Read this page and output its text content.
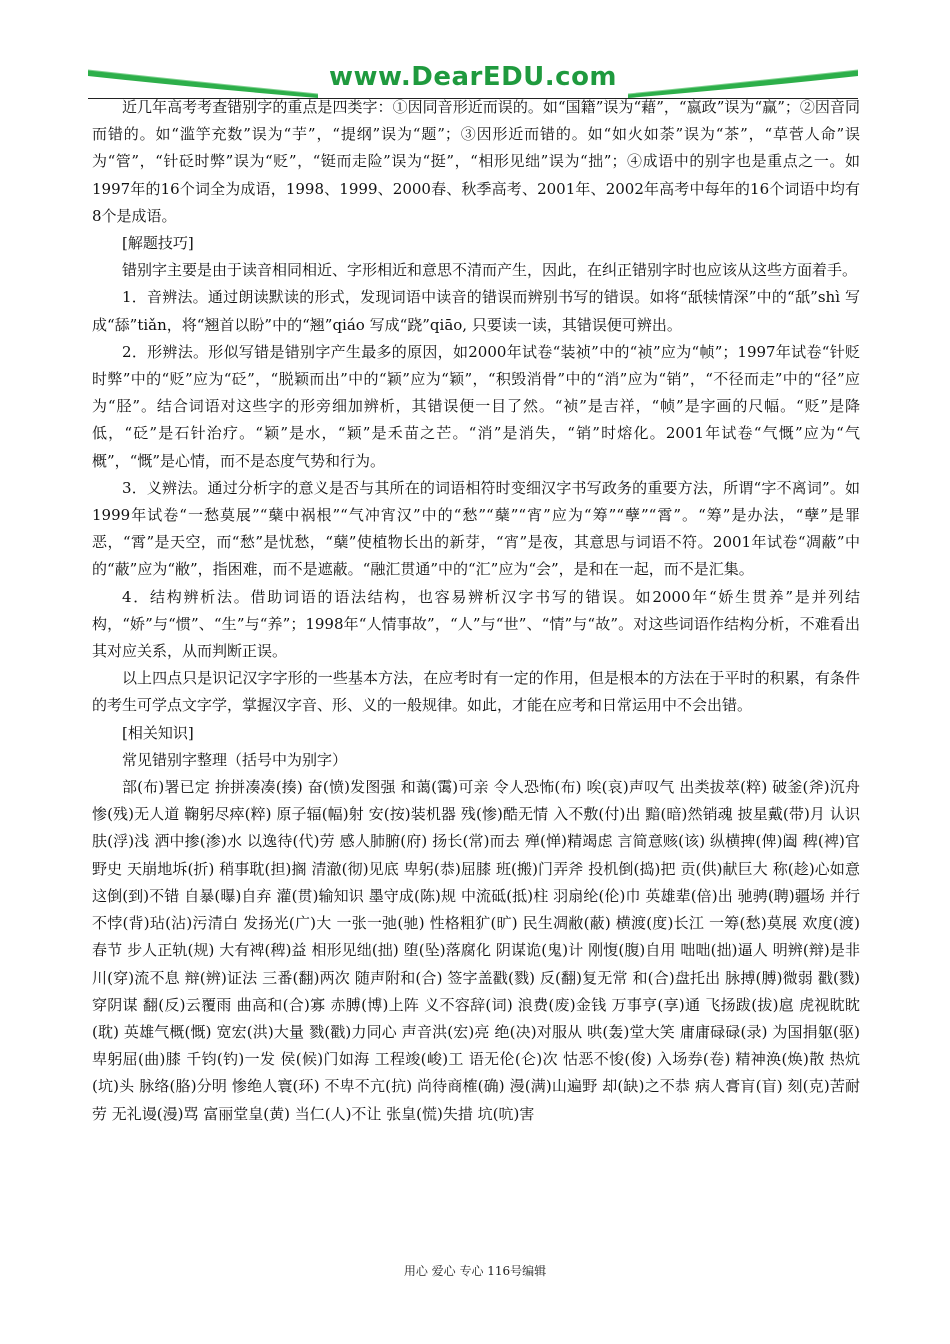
www.DearEDU.com

近几年高考考查错别字的重点是四类字：①因同音形近而误的。如“国籍”误为“藉”，“嬴政”误为“赢”；②因音同而错的。如“滥竽充数”误为“芋”，“提纲”误为“题”；③因形近而错的。如“如火如荼”误为“茶”，“草菅人命”误为“管”，“针砭时弊”误为“贬”，“铤而走险”误为“挺”，“相形见绌”误为“拙”；④成语中的别字也是重点之一。如1997年的16个词全为成语，1998、1999、2000春、秋季高考、2001年、2002年高考中每年的16个词语中均有8个是成语。

[解题技巧]

错别字主要是由于读音相同相近、字形相近和意思不清而产生，因此，在纠正错别字时也应该从这些方面着手。

1．音辨法。通过朗读默读的形式，发现词语中读音的错误而辨别书写的错误。如将“舐犊情深”中的“舐”shì 写成“舔”tiǎn，将“翘首以盼”中的“翘”qiáo 写成“跷”qiāo, 只要读一读，其错误便可辨出。

2．形辨法。形似写错是错别字产生最多的原因，如2000年试卷“装祯”中的“祯”应为“帧”；1997年试卷“针贬时弊”中的“贬”应为“砭”，“脱颖而出”中的“颖”应为“颖”，“积毁消骨”中的“消”应为“销”，“不径而走”中的“径”应为“胫”。结合词语对这些字的形旁细加辨析，其错误便一目了然。“祯”是吉祥，“帧”是字画的尺幅。“贬”是降低，“砭”是石针治疗。“颖”是水，“颖”是禾苗之芒。“消”是消失，“销”时熔化。2001年试卷“气慨”应为“气概”，“慨”是心情，而不是态度气势和行为。

3．义辨法。通过分析字的意义是否与其所在的词语相符时变细汉字书写政务的重要方法，所谓“字不离词”。如1999年试卷“一愁莫展”“蘖中祸根”“气冲宵汉”中的“愁”“蘖”“宵”应为“筹”“孽”“霄”。“筹”是办法，“孽”是罪恶，“霄”是天空，而“愁”是忧愁，“蘖”使植物长出的新芽，“宵”是夜，其意思与词语不符。2001年试卷“凋蔽”中的“蔽”应为“敝”，指困难，而不是遮蔽。“融汇贯通”中的“汇”应为“会”，是和在一起，而不是汇集。

4．结构辨析法。借助词语的语法结构，也容易辨析汉字书写的错误。如2000年“娇生贯养”是并列结构，“娇”与“惯”、“生”与“养”；1998年“人情事故”，“人”与“世”、“情”与“故”。对这些词语作结构分析，不难看出其对应关系，从而判断正误。

以上四点只是识记汉字字形的一些基本方法，在应考时有一定的作用，但是根本的方法在于平时的积累，有条件的考生可学点文字学，掌握汉字音、形、义的一般规律。如此，才能在应考和日常运用中不会出错。

[相关知识]

常见错别字整理（括号中为别字）

部(布)署已定 拚拼凑凑(揍) 奋(愤)发图强 和蔼(霭)可亲 令人恐怖(布) 唉(哀)声叹气 出类拔萃(粹) 破釜(斧)沉舟 惨(残)无人道 鞠躬尽瘁(粹) 原子辐(幅)射 安(按)装机器 残(惨)酷无情 入不敷(付)出 黯(暗)然销魂 披星戴(带)月 认识肤(浮)浅 洒中掺(渗)水 以逸待(代)劳 感人肺腑(府) 扬长(常)而去 殚(惮)精竭虑 言简意赅(该) 纵横捭(俾)阖 稗(裨)官野史 天崩地坼(折) 稍事耽(担)搁 清澈(彻)见底 卑躬(恭)屈膝 班(搬)门弄斧 投机倒(捣)把 贡(供)献巨大 称(趁)心如意 这倒(到)不错 自暴(曝)自弃 灌(贯)输知识 墨守成(陈)规 中流砥(抵)柱 羽扇纶(伦)巾 英雄辈(倍)出 驰骋(聘)疆场 并行不悖(背)玷(沾)污清白 发扬光(广)大 一张一弛(驰) 性格粗犷(旷) 民生凋敝(蔽) 横渡(度)长江 一筹(愁)莫展 欢度(渡)春节 步人正轨(规) 大有裨(稗)益 相形见绌(拙) 堕(坠)落腐化 阴谋诡(鬼)计 刚愎(腹)自用 咄咄(拙)逼人 明辨(辩)是非 川(穿)流不息 辩(辨)证法 三番(翻)两次 随声附和(合) 签字盖戳(戮) 反(翻)复无常 和(合)盘托出 脉搏(膊)微弱 戳(戮)穿阴谋 翻(反)云覆雨 曲高和(合)寡 赤膊(博)上阵 义不容辞(词) 浪费(废)金钱 万事亨(享)通 飞扬跋(拔)扈 虎视眈眈(耽) 英雄气概(慨) 宽宏(洪)大量 戮(戳)力同心 声音洪(宏)亮 绝(决)对服从 哄(轰)堂大笑 庸庸碌碌(录) 为国捐躯(驱) 卑躬屈(曲)膝 千钧(钓)一发 侯(候)门如海 工程竣(峻)工 语无伦(仑)次 怙恶不悛(俊) 入场券(卷) 精神涣(焕)散 热炕(坑)头 脉络(胳)分明 惨绝人寰(环) 不卑不亢(抗) 尚待商榷(确) 漫(满)山遍野 却(缺)之不恭 病人膏肓(盲) 刻(克)苦耐劳 无礼谩(漫)骂 富丽堂皇(黄) 当仁(人)不让 张皇(慌)失措 坑(吭)害

用心 爱心 专心 116号编辑
